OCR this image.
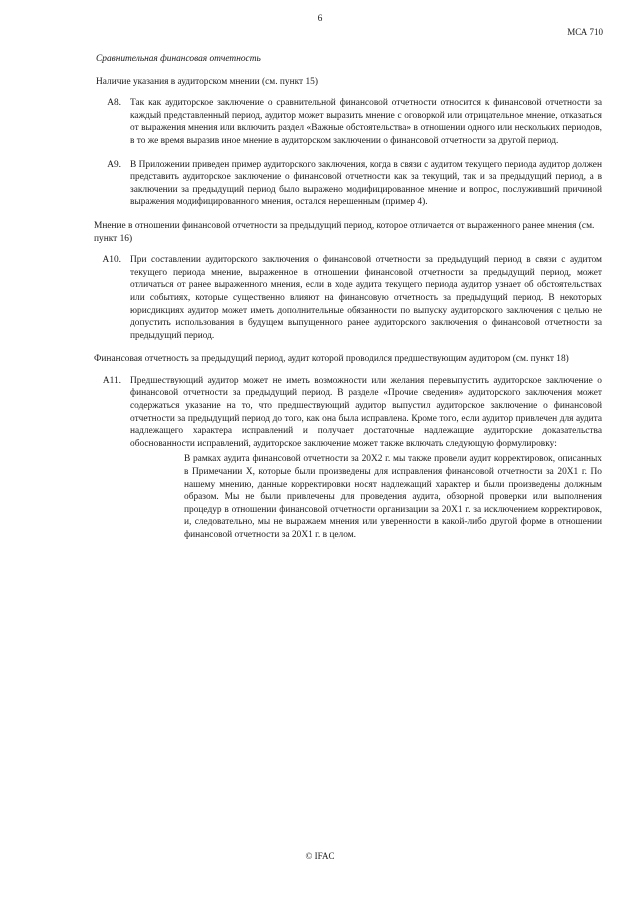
6
МСА 710
Сравнительная финансовая отчетность
Наличие указания в аудиторском мнении (см. пункт 15)
A8. Так как аудиторское заключение о сравнительной финансовой отчетности относится к финансовой отчетности за каждый представленный период, аудитор может выразить мнение с оговоркой или отрицательное мнение, отказаться от выражения мнения или включить раздел «Важные обстоятельства» в отношении одного или нескольких периодов, в то же время выразив иное мнение в аудиторском заключении о финансовой отчетности за другой период.
A9. В Приложении приведен пример аудиторского заключения, когда в связи с аудитом текущего периода аудитор должен представить аудиторское заключение о финансовой отчетности как за текущий, так и за предыдущий период, а в заключении за предыдущий период было выражено модифицированное мнение и вопрос, послуживший причиной выражения модифицированного мнения, остался нерешенным (пример 4).
Мнение в отношении финансовой отчетности за предыдущий период, которое отличается от выраженного ранее мнения (см. пункт 16)
A10. При составлении аудиторского заключения о финансовой отчетности за предыдущий период в связи с аудитом текущего периода мнение, выраженное в отношении финансовой отчетности за предыдущий период, может отличаться от ранее выраженного мнения, если в ходе аудита текущего периода аудитор узнает об обстоятельствах или событиях, которые существенно влияют на финансовую отчетность за предыдущий период. В некоторых юрисдикциях аудитор может иметь дополнительные обязанности по выпуску аудиторского заключения с целью не допустить использования в будущем выпущенного ранее аудиторского заключения о финансовой отчетности за предыдущий период.
Финансовая отчетность за предыдущий период, аудит которой проводился предшествующим аудитором (см. пункт 18)
A11. Предшествующий аудитор может не иметь возможности или желания перевыпустить аудиторское заключение о финансовой отчетности за предыдущий период. В разделе «Прочие сведения» аудиторского заключения может содержаться указание на то, что предшествующий аудитор выпустил аудиторское заключение о финансовой отчетности за предыдущий период до того, как она была исправлена. Кроме того, если аудитор привлечен для аудита надлежащего характера исправлений и получает достаточные надлежащие аудиторские доказательства обоснованности исправлений, аудиторское заключение может также включать следующую формулировку:
В рамках аудита финансовой отчетности за 20X2 г. мы также провели аудит корректировок, описанных в Примечании X, которые были произведены для исправления финансовой отчетности за 20X1 г. По нашему мнению, данные корректировки носят надлежащий характер и были произведены должным образом. Мы не были привлечены для проведения аудита, обзорной проверки или выполнения процедур в отношении финансовой отчетности организации за 20X1 г. за исключением корректировок, и, следовательно, мы не выражаем мнения или уверенности в какой-либо другой форме в отношении финансовой отчетности за 20X1 г. в целом.
© IFAC
